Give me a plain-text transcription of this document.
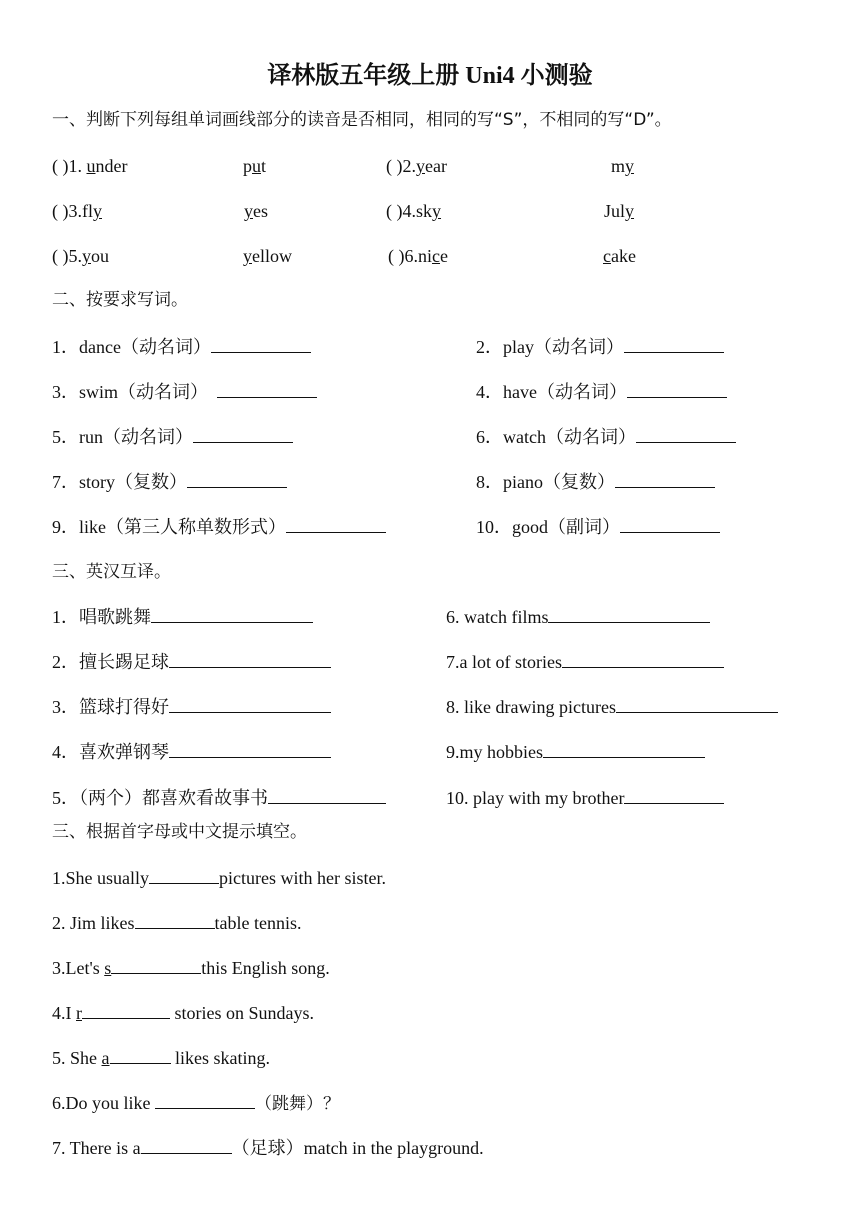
译林版五年级上册 Uni4 小测验
一、判断下列每组单词画线部分的读音是否相同，相同的写“S”，不相同的写“D”。
( )1. under	put	( )2.year	my
( )3.fly	yes	( )4.sky	July
( )5.you	yellow	( )6.nice	cake
二、按要求写词。
1．dance（动名词）	2．play（动名词）
3．swim（动名词）	4．have（动名词）
5．run（动名词）	6．watch（动名词）
7．story（复数）	8．piano（复数）
9．like（第三人称单数形式）	10．good（副词）
三、英汉互译。
1．唱歌跳舞	6. watch films
2．擅长踢足球	7.a lot of stories
3．篮球打得好	8. like drawing pictures
4．喜欢弹钢琴	9.my hobbies
5．（两个）都喜欢看故事书	10. play with my brother
三、根据首字母或中文提示填空。
1.She usually	pictures with her sister.
2. Jim likes	table tennis.
3.Let's s	this English song.
4.I r	stories on Sundays.
5. She a	likes skating.
6.Do you like	（跳舞）？
7. There is a	（足球）match in the playground.
